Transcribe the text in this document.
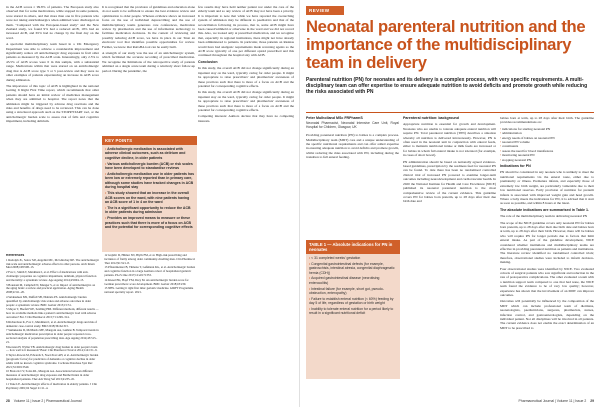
in the ACB scores ≥ 99.8% of patients. The European study also observed that for some medications, while stopped in some patients, were started in others, and that more than one in five patients who were not taking anticholinergics when admitted were discharged on them. "Compared with the European-based study" and the New Zealand study, we found 9% had a reduced ACB, 19% had an increased ACB, and 65% had no change by the final day on the ward.

A specialist multidisciplinary team based in a UK Emergency Department was able to achieve a considerable improvement and significantly reduce all anticholinergic drug exposure in frail older patients as measured by the ACB scale. Interestingly, only 2.5% to 43.5% of ACB scores were 0 in this sample, with a substantial range. Medications within that were started on an anticholinergic drug that is ACB score type 3 or 5 post-review and they were no other examples of patients experiencing an increase in ACB score during admission.

The importance of this topic of ACB is highlighted in the national Getting It Right First Time report, which recommends that older patients should have an initial review of medicines management when they are admitted to hospital. The report notes that the admission might be triggered by adverse drug reactions and the risks and benefits of drugs need to be reviewed. This can be done using a structured approach such as the STOPP/START tool, or the anticholinergic burden scale to assess risk of falls and cognitive impairment, including delirium.

It is recognised that the provision of guidelines and education alone do not seem to be sufficient to ensure the best evidence review and optimisation to older people. Whereas evidence shows an increased focus on the use of individual deprescribing and the use of multidisciplinary teams generates care conferences, medication review by pharmacists and the use of information technology to facilitate medication decisions. In the context of reviewing and possibly reducing ACB score, we have in place in our Trust an electronic tool that identifies possible opportunities for review. Further, we know that RAGBA tool can be easily built.

A strength of our study was the use of an anticholinergic system, which facilitated the accurate recording of prescribed medication. We recognise the limitations of the retrospective study of patients admitted on a single acute team during a relatively short follow-up period. During the pandemic, the

few results may have held neither patient nor under the care of the elderly team and so any review of ACB may not have been a priority. It is important to note that while we have reported the overarching system of admission may be different to paediatrics and that of the reconciliation following its process, that is, some ACB might have been caused/withheld or otherwise in the ward and we did not record this. Also, we looked only at prescribed medication, and we recognise that, especially in regional institutions, there might not have already been administered to patients. In particular, those patients on Rasinas would have had analgesic requirements made reversing agents so the ACB score typically of one per different opioid prescribed and this continued throughout the hospital stay with ACB.

Conclusion

In this study, the overall ACB did not change significantly during an inpatient stay on the ward, typically caring for older people. It might be appropriate to raise prescribers' and pharmacists' awareness of these practices such that there is more of a focus on ACB and the potential for corresponding cognitive effects.

In this study, the overall ACB did not change significantly during an inpatient stay on the ward, typically caring for older people. It might be appropriate to raise prescribers' and pharmacists' awareness of these practices such that there is more of a focus on ACB and the potential for corresponding cognitive effects.

Competing interests: Authors declare that they have no competing interests.

KEY POINTS
• Anticholinergic medication is associated with adverse clinical outcomes, such as delirium and cognitive decline, in older patients
• Various anticholinergic burden (ACB) or risk scales have been developed to standardise reviews
• Anticholinergic medication use in older patients has been low or extremely reported than in primary care, although some studies have tracked changes in ACB during hospital stay
• This study showed that an increase in the overall ACB scores on the ward, with nine patients having an ACB score of 1 in 4 on the ward
• The is a significant opportunity to reduce the ACB in older patients during admission
• Provides an improved means to measure or these practices such that there is more of a focus on ACB and the potential for corresponding cognitive effects
References
1 Rudolph JL, Salow MJ, Angelini MC, McGlinchey RE. The anticholinergic risk scale and anticholinergic adverse effects in older persons. Arch Intern Med 2008;168:508–13.
2 Fox C, Smith T, Maidment I, et al. Effect of medications with anti-cholinergic properties on cognitive impairment, delirium, physical function and mortality: a systematic review. Age Ageing 2014;43:604–15.
3 Boustani M, Campbell N, Munger S, et al. Impact of anticholinergics on the aging brain: a review and practical application. Aging Health 2008;4:311–20.
4 Salahudeen MS, Duffull SB, Nishtala PS. Anticholinergic burden quantified by anticholinergic risk scales and adverse outcomes in older people: a systematic review. BMC Geriatr 2015;15:31.
5 Mayer T, Haefeli WE, Seidling HM. Different methods, different results — how do available methods link a patient's anticholinergic load with adverse outcomes? Eur J Clin Pharmacol 2015;71:1299–314.
6 Richardson K, Fox C, Maidment I, et al. Anticholinergic drugs and risk of dementia: case-control study. BMJ 2018;361:k1315.
7 Sumukadas D, McMurdo ME, Mangoni AA, Guthrie B. Temporal trends in anticholinergic medication prescription in older people: repeated cross-sectional analysis of population prescribing data. Age Ageing 2014;43:515–21.
8 Kersten H, Wyller TB. Anticholinergic drug burden in older people's brain — how well is it measured? Basic Clin Pharmacol Toxicol 2014;114:151–9.
9 Taylor-Rowan M, Edwards S, Noel-Storr AH, et al. Anticholinergic burden (prognostic factor) for prediction of dementia or cognitive decline in older adults with no known cognitive syndrome. Cochrane Database Syst Rev 2021;5:CD013540.
10 Bostock CV, Soiza RL, Mangoni AA. Associations between different measures of anticholinergic drug exposure and Barthel Index in older hospitalized patients. Ther Adv Drug Saf 2013;4:235–45.
11 Tune LE. Anticholinergic effects of medication in elderly patients. J Clin Psychiatry 2001;62 Suppl 21:11–4.
12 Gnjidic D, Hilmer SN, Blyth FM, et al. High-risk prescribing and incidence of frailty among older community-dwelling men. Clin Pharmacol Ther 2012;91:521–8.
13 Pfistermeister B, Tümena T, Gaßmann KG, et al. Anticholinergic burden and cognitive function in a large German cohort of hospitalized geriatric patients. PLoS One 2017;12:e0171353.
14 Kiesel EK, Hopf YM, Drey M. An anticholinergic burden score for German prescribers: score development. BMC Geriatr 2018;18:239.
15 NHS. Getting it right first time: geriatric medicine. GIRFT Programme national specialty report. 2021.
28 Volume 11 | Issue 2 | Pharmaceutical Journal
REVIEW
Neonatal parenteral nutrition and the importance of the multidisciplinary team in delivery
Parenteral nutrition (PN) for neonates and its delivery is a complex process, with very specific requirements. A multi-disciplinary team can offer expertise to ensure adequate nutrition to avoid deficits and promote growth while reducing the risks associated with PN
Peter Mulholland MSc FRPharmS
Neonatal Pharmacist, Neonatal Intensive Care Unit, Royal Hospital for Children, Glasgow, UK

Providing parenteral nutrition (PN) to babies is a complex process. Multidisciplinary team (MDT) care and a unique understanding of the specific nutritional requirements and can offer added expertise in ensuring adequate nutrition to avoid deficits and promote growth, whilst reducing the risks associated with PN, including during the transition to full enteral feeding.

TABLE 1 — Absolute indications for PN in neonates
• < 31 completed weeks' gestation
• Congenital gastrointestinal defects (for example, gastroschisis, intestinal atresia, congenital diaphragmatic hernia (CDH))
• Acquired gastrointestinal disease (necrotising enterocolitis)
• Intestinal failure (for example, short gut, pseudo-obstruction, enteropathy)
• Failure to establish enteral nutrition (< 60%) feeding by day 5 of life, regardless of gestation or birth weight
• Inability to tolerate enteral nutrition for a period likely to result in a significant nutritional deficit

Parenteral nutrition: background

Appropriate nutrition is essential for growth and development. Neonates who are unable to tolerate adequate enteral nutrition will require PN. Total parenteral nutrition (TPN) describes a situation whereby all nutrition is delivered intravenously. However, PN is often used in the neonatal unit in conjunction with enteral feeds, either to maintain nutritional intake or milk feeds are increased or for babies in whom full enteral intake is not tolerated (for example, in cases of short bowel).

PN administration should be based on nationally agreed evidence-based guidelines, prescription by the readiness feed for neonatal PN can be found. To date there has been no randomised controlled clinical trial of increased PN powered to examine longer-term outcomes including neurodevelopment and cardiovascular health. In 2020 the National Institute for Health and Care Excellence (NICE) published its neonatal parenteral nutrition is the most comprehensive review of the current evidence. This guideline covers PN for babies born preterm, up to 28 days after their due birth date and

babies born at term, up to 28 days after their birth. The guideline provides recommendations on:

• indications for starting neonatal PN
• administration
• energy needs of babies on neonatal PN
• neonatal PN volume
• constituents
• assess the need for blood transfusions
• monitoring neonatal PN
• stopping neonatal PN.

Indications for PN

PN should be considered in any neonate who is unlikely to meet the nutritional requirements via the enteral route, either due to prematurity or illness. Premature infants, and especially those of extremely low birth weight, are particularly vulnerable due to their low nutritional reserves. Early provision of nutrition for preterm infants is associated with improved weight gain and head growth. Where a baby meets the indications for PN, it is advised that it start as soon as possible, and within 8 hours at the latest.

The absolute indications are summarised in Table 1.

The role of the multidisciplinary team in delivering neonatal PN

The scope of the NICE guideline covers only neonatal PN for babies born preterm, up to 28 days after their due birth date and babies born at term, up to 28 days after their birth. However, there will be babies who will require PN for longer periods due to factors that limit enteral intake. As part of the guideline development, NICE considered whether institutions and multidisciplinary teams are effective in providing parenteral nutrition as patients and institutions. The literature review identified no randomised controlled trials; therefore, observational studies were included to inform decision-making.

Four observational studies were identified by NICE. Two evaluated cohorts of surgical patients who saw significant and reduction in the rate of postoperative complications. The other evaluated a team with a nutrition support team compared to one that had none, the NICE team found the evidence to be of very low quality; however, experience has shown that the involvement of an MDT can improve outcomes.

Outcomes will potentially be influenced by the composition of the MDT which can include professional team of dietitians, neonatologists, paediatricians, surgeons, pharmacists, nurses, infection control, and gastroenterologists, depending on the individual patient. Not all disciplines will be involved in all patients. The current evidence does not enable the exact determination of an MDT to be prescribed to

Pharmaceutical Journal | Volume 11 | Issue 2 29
